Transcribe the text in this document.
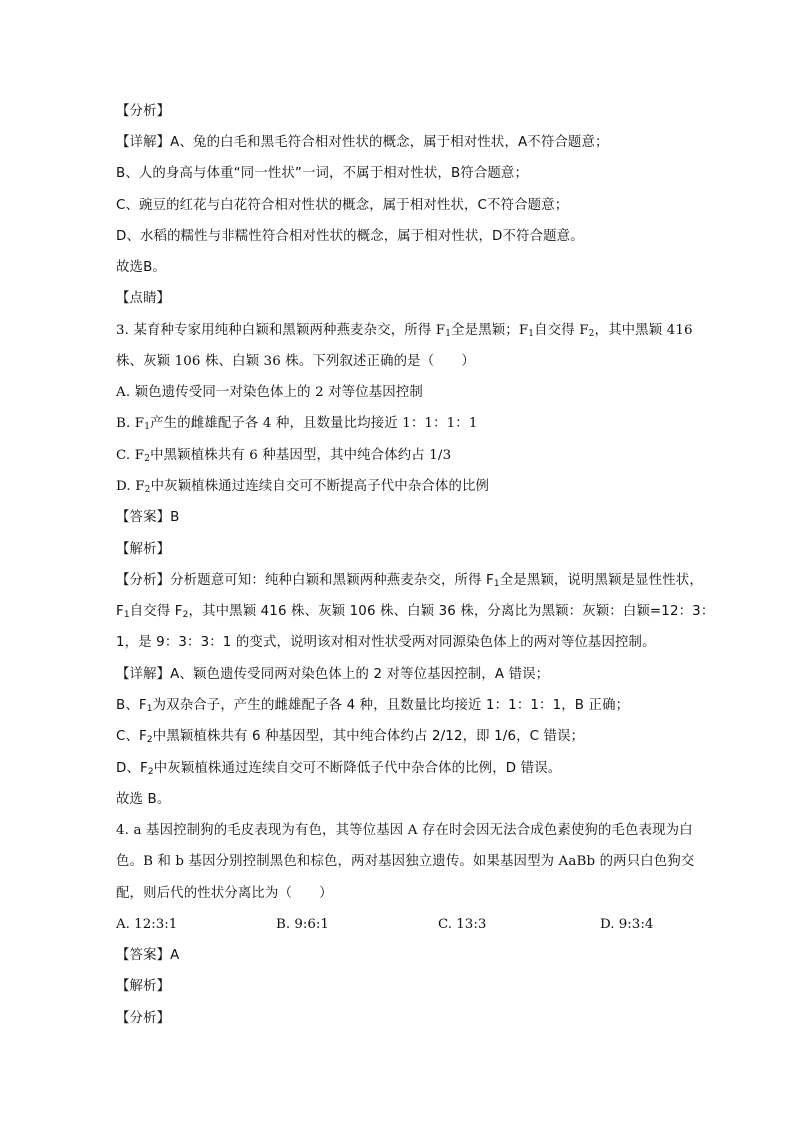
【分析】
【详解】A、兔的白毛和黑毛符合相对性状的概念，属于相对性状，A不符合题意；
B、人的身高与体重“同一性状”一词，不属于相对性状，B符合题意；
C、豌豆的红花与白花符合相对性状的概念，属于相对性状，C不符合题意；
D、水稻的糯性与非糯性符合相对性状的概念，属于相对性状，D不符合题意。
故选B。
【点睛】
3. 某育种专家用纯种白颖和黑颖两种燕麦杂交，所得 $F_1$全是黑颖；$F_1$自交得 $F_2$，其中黑颖 416
株、灰颖 106 株、白颖 36 株。下列叙述正确的是（　　）
A. 颖色遗传受同一对染色体上的 2 对等位基因控制
B. $F_1$产生的雌雄配子各 4 种，且数量比均接近 1：1：1：1
C. $F_2$中黑颖植株共有 6 种基因型，其中纯合体约占 1/3
D. $F_2$中灰颖植株通过连续自交可不断提高子代中杂合体的比例
【答案】B
【解析】
【分析】分析题意可知：纯种白颖和黑颖两种燕麦杂交，所得 $F_1$全是黑颖，说明黑颖是显性性状，
$F_1$自交得 $F_2$，其中黑颖 416 株、灰颖 106 株、白颖 36 株，分离比为黑颖：灰颖：白颖=12：3：
1，是 9：3：3：1 的变式，说明该对相对性状受两对同源染色体上的两对等位基因控制。
【详解】A、颖色遗传受同两对染色体上的 2 对等位基因控制，A 错误；
B、$F_1$为双杂合子，产生的雌雄配子各 4 种，且数量比均接近 1：1：1：1，B 正确；
C、$F_2$中黑颖植株共有 6 种基因型，其中纯合体约占 2/12，即 1/6，C 错误；
D、$F_2$中灰颖植株通过连续自交可不断降低子代中杂合体的比例，D 错误。
故选 B。
4. a 基因控制狗的毛皮表现为有色，其等位基因 A 存在时会因无法合成色素使狗的毛色表现为白
色。B 和 b 基因分别控制黑色和棕色，两对基因独立遗传。如果基因型为 AaBb 的两只白色狗交
配，则后代的性状分离比为（　　）
A. 12:3:1	B. 9:6:1	C. 13:3	D. 9:3:4
【答案】A
【解析】
【分析】
